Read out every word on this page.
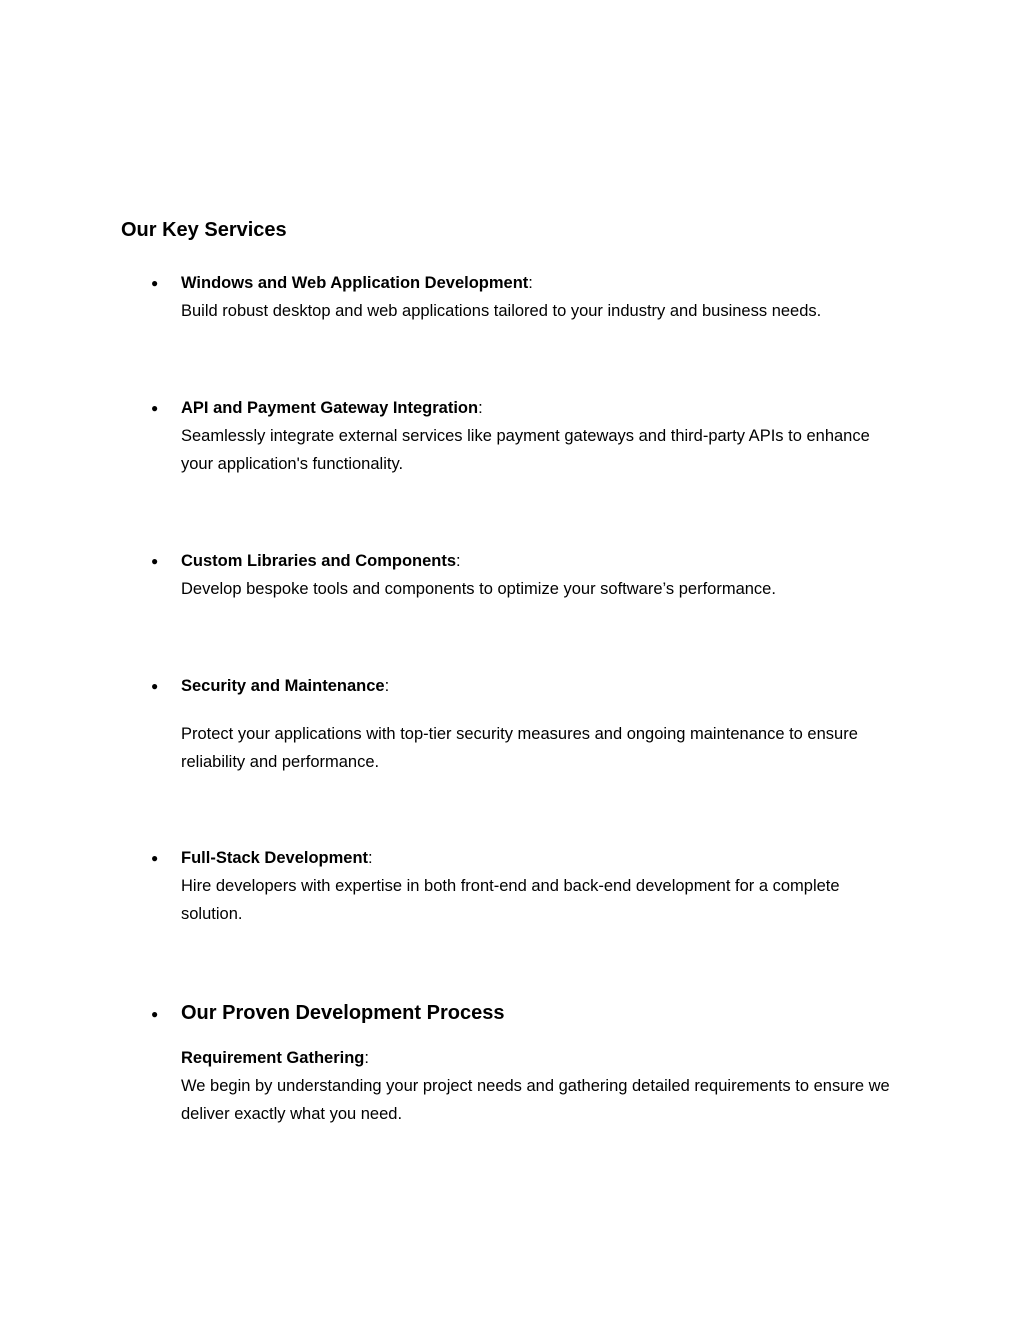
Our Key Services
● Windows and Web Application Development:

Build robust desktop and web applications tailored to your industry and business needs.

● API and Payment Gateway Integration:

Seamlessly integrate external services like payment gateways and third-party APIs to enhance your application's functionality.

● Custom Libraries and Components:

Develop bespoke tools and components to optimize your software’s performance.

● Security and Maintenance:

Protect your applications with top-tier security measures and ongoing maintenance to ensure reliability and performance.

● Full-Stack Development:

Hire developers with expertise in both front-end and back-end development for a complete solution.

● Our Proven Development Process

Requirement Gathering:

We begin by understanding your project needs and gathering detailed requirements to ensure we deliver exactly what you need.
